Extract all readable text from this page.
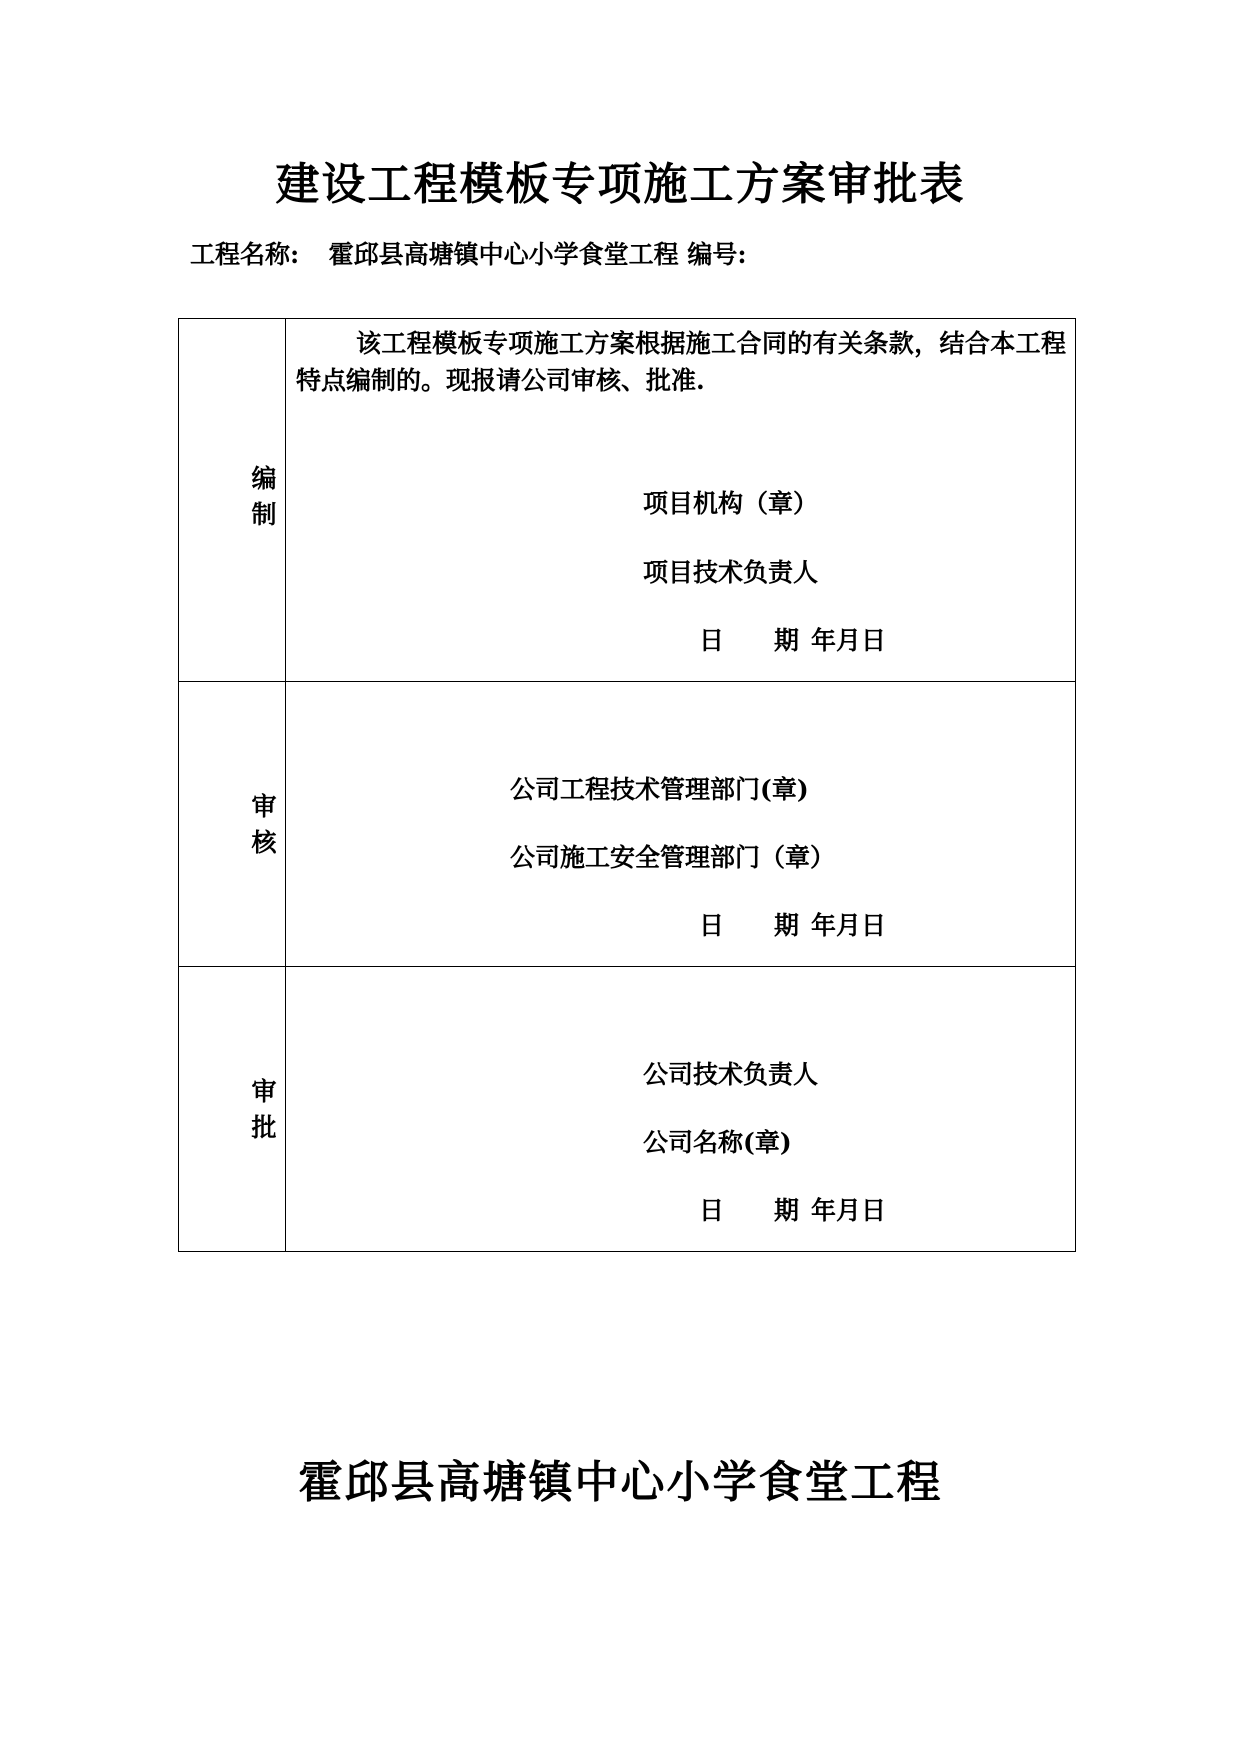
建设工程模板专项施工方案审批表
工程名称: 霍邱县高塘镇中心小学食堂工程 编号:
编制	该工程模板专项施工方案根据施工合同的有关条款，结合本工程特点编制的。现报请公司审核、批准.
项目机构（章）
项目技术负责人
日 期 年月日

审核	公司工程技术管理部门(章)
公司施工安全管理部门（章）
日 期 年月日

审批	公司技术负责人
公司名称(章)
日 期 年月日
霍邱县高塘镇中心小学食堂工程
